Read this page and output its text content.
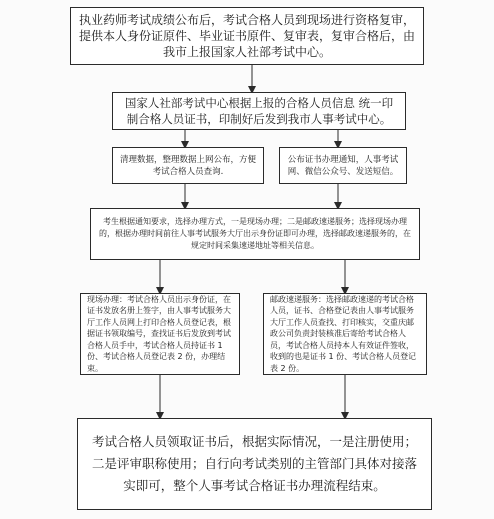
执业药师考试成绩公布后，考试合格人员到现场进行资格复审，提供本人身份证原件、毕业证书原件、复审表，复审合格后，由我市上报国家人社部考试中心。
国家人社部考试中心根据上报的合格人员信息 统一印制合格人员证书，印制好后发到我市人事考试中心。
清理数据，整理数据上网公布，方便考试合格人员查询.
公布证书办理通知，人事考试网、微信公众号、发送短信。
考生根据通知要求，选择办理方式，一是现场办理；二是邮政速递服务；选择现场办理的，根据办理时间前往人事考试服务大厅出示身份证即可办理，选择邮政速递服务的，在规定时间采集速递地址等相关信息。
现场办理：考试合格人员出示身份证，在证书发放名册上签字，由人事考试服务大厅工作人员网上打印合格人员登记表，根据证书领取编号，查找证书后发放到考试合格人员手中，考试合格人员持证书 1 份、考试合格人员登记表 2 份，办理结束。
邮政速递服务：选择邮政速递的考试合格人员，证书、合格登记表由人事考试服务大厅工作人员查找、打印核实，交重庆邮政公司负责封装核准后寄给考试合格人员，考试合格人员持本人有效证件签收，收到的也是证书 1 份、考试合格人员登记表 2 份。
考试合格人员领取证书后，根据实际情况，一是注册使用；二是评审职称使用；自行向考试类别的主管部门具体对接落实即可，整个人事考试合格证书办理流程结束。
